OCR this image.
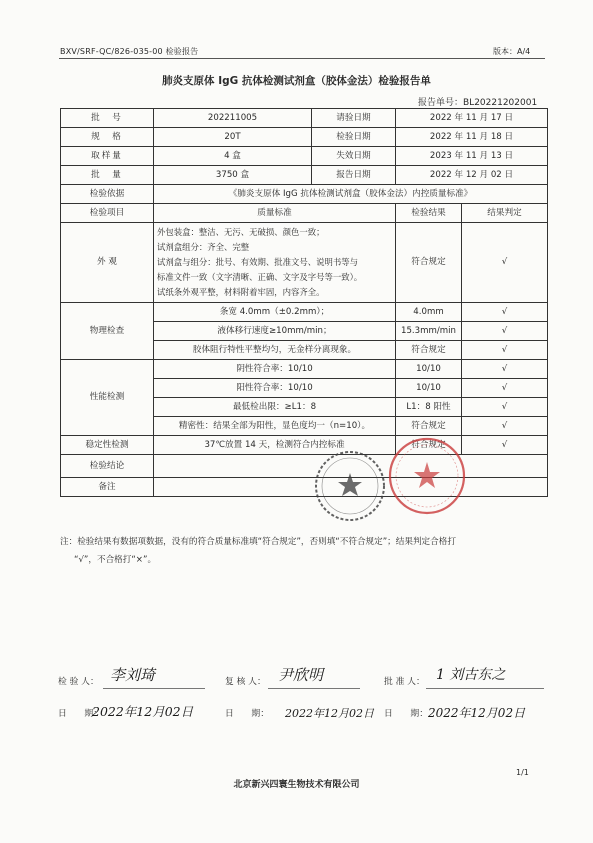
BXV/SRF-QC/826-035-00 检验报告	版本：A/4
肺炎支原体 IgG 抗体检测试剂盒（胶体金法）检验报告单
报告单号：BL20221202001
批　号	202211005	请验日期	2022 年 11 月 17 日	
规　格	20T	检验日期	2022 年 11 月 18 日	
取样量	4 盒	失效日期	2023 年 11 月 13 日	
批　量	3750 盒	报告日期	2022 年 12 月 02 日	
检验依据	《肺炎支原体 IgG 抗体检测试剂盒（胶体金法）内控质量标准》			
检验项目	质量标准		检验结果	结果判定
外 观	外包装盒：整洁、无污、无破损、颜色一致；
试剂盒组分：齐全、完整
试剂盒与组分：批号、有效期、批准文号、说明书等与
标准文件一致（文字清晰、正确、文字及字号等一致）。
试纸条外观平整，材料附着牢固，内容齐全。		符合规定	√
物理检查	条宽 4.0mm（±0.2mm）；		4.0mm	√
	液体移行速度≥10mm/min；		15.3mm/min	√
	胶体阻行特性平整均匀，无金样分离现象。		符合规定	√
性能检测	阴性符合率：10/10		10/10	√
	阳性符合率：10/10		10/10	√
	最低检出限：≥L1：8		L1：8 阳性	√
	精密性：结果全部为阳性，显色度均一（n=10）。		符合规定	√
稳定性检测	37℃放置 14 天，检测符合内控标准		符合规定	√
检验结论				
备注				
注：检验结果有数据项数据，没有的符合质量标准填“符合规定”，否则填“不符合规定”；结果判定合格打
“√”，不合格打“×”。
检 验 人： 李刘琦	复 核 人： 尹欣明	批 准 人： 1 刘古东之
日　　期：
2022年12月02日	日　　期： 2022年12月02日 日　　期： 2022年12月02日
1/1
北京新兴四寰生物技术有限公司
